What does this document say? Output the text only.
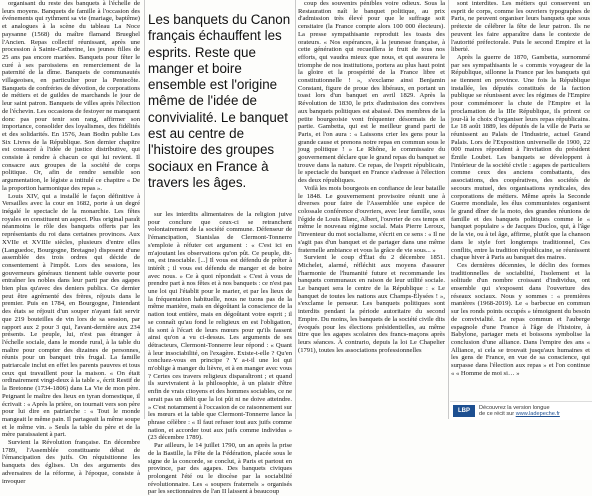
organisant du reste des banquets à l'échelle de leurs moyens. Banquets de famille à l'occasion des événements qui rythment sa vie (mariage, baptême) et analogues à la scène du tableau La Noce paysanne (1568) du maître flamand Brueghel l'Ancien. Repas collectif réunissant, après une procession à Sainte-Catherine, les jeunes filles de 25 ans pas encore mariées. Banquets pour fêter le curé à ses paroissiens en remerciement de la paternité de la dîme. Banquets de communautés villageoises, en particulier pour la Pentecôte. Banquets de confréries de dévotion, de corporations de métiers et de guildes de marchands le jour de leur saint patron. Banquets de villes après l'élection de l'échevin. Les occasions de festoyer ne manquent donc pas pour tenir son rang, affirmer son importance, consolider des loyalismes, des fidélités et des solidarités. En 1576, Jean Bodin publie Les Six Livres de la République. Son dernier chapitre est consacré à l'idée de justice distributive, qui consiste à rendre à chacun ce qui lui revient. Il consacre aux groupes de la société de corps politique. Or, afin de rendre sensible son argumentation, le légiste a intitulé ce chapitre « De la proportion harmonique des repas ».

Louis XIV, qui a installé le façon définitive à Versailles avec la cour en 1682, porte à un degré inégalé le spectacle de la monarchie. Les fêtes royales en constituent un aspect. Plus original paraît néanmoins le rôle des banquets offerts par les représentants du roi dans certaines provinces. Aux XVIIe et XVIIIe siècles, plusieurs d'entre elles (Languedoc, Bourgogne, Bretagne) disposent d'une assemblée des trois ordres qui décide de consentement à l'impôt. Lors des sessions, les gouverneurs généraux tiennent table ouverte pour entraîner les nobles dans leur parti par des agapes bien plus qu'avec des deniers publics. Ce dernier peut être agrémenté des frères, réjouis dans le premier. Puis en 1784, en Bourgogne, l'intendant des états se réjouit d'un souper n'ayant fait servir que 219 bouteilles de vin lors de sa session, par rapport aux 2 pour 3 qui, l'avant-dernière aux 234 présents. Le peuple, lui, n'est pas étranger à l'échelle sociale, dans le monde rural, à la table du maître pour compter des dizaines de personnes, réunis pour un banquet très frugal. La famille patriarcale inclut en effet les parents pauvres et tous ceux qui travaillent pour la maison. « On était ordinairement vingt-deux à la table », écrit Restif de la Bretonne (1734-1806) dans La Vie de mon père. Peignant le maître des lieux en tyran domestique, il écrivait : « Après la prière, on tournait vers son père pour lui dire en patriarche : « Tout le monde mangeait le même pain. Il partageait la même soupe et le même vin. » Seuls la table du père et de la mère paraissaient à part.

Survient la Révolution française. En décembre 1789, l'Assemblée constituante débat de l'émancipation des juifs. On réquisitionne les banquets des églises. Un des arguments des adversaires de la réforme, à l'époque, consiste à invoquer

Les banquets du Canon français échauffent les esprits. Reste que manger et boire ensemble est l'origine même de l'idée de convivialité. Le banquet est au centre de l'histoire des groupes sociaux en France à travers les âges.

sur les interdits alimentaires de la religion juive pour conclure que ceux-ci se retranchent volontairement de la société commune. Défenseur de l'émancipation, Stanislas de Clermont-Tonnerre s'emploie à réfuter cet argument : « C'est ici en m'ajoutant les observations qu'on pût. Ce peuple, dit-on, est insociable. [...] Il vous est défendu de prêter à intérêt ; il vous est défendu de manger et de boire avec nous. » Ce à quoi répondait « C'est à vous de prendre part à nos fêtes et à nos banquets : ce n'est pas une loi qui l'établit pour le marier, et par les lieux de la fréquentation habituelle, nous ne tuons pas de la même manière, mais en dégoûtant la conscience de la nation tout entière, mais en dégoûtant votre esprit ; il se connaît qu'au fond le religieux en est l'obligation, ils sont à l'écart de leurs mœurs pour qu'ils fassent ainsi qu'on a vu ci-dessus. Les arguments de ses détracteurs, Clermont-Tonnerre leur répond : « Quant à leur insociabilité, on l'exagère. Existe-t-elle ? Qu'en concluez-vous en principe ? Y a-t-il une loi qui m'oblige à manger du lièvre, et à en manger avec vous ? Certes ces travers religieux disparaîtront ; et quand ils survivraient à la philosophie, à un plaisir d'être enfin de vrais citoyens et des hommes sociables, ce ne serait pas un délit que la loi pût ni ne doive atteindre. » C'est notamment à l'occasion de ce raisonnement sur les mœurs et la table que Clermont-Tonnerre lance la phrase célèbre : « Il faut refuser tout aux juifs comme nation, et accorder tout aux juifs comme individus » (23 décembre 1789).

Par ailleurs, le 14 juillet 1790, un an après la prise de la Bastille, la Fête de la Fédération, placée sous le signe de la concorde, se conclut, à Paris et partout en province, par des agapes. Des banquets civiques prolongent l'été ou le diocèse par la sociabilité révolutionnaire. Les « soupers fraternels » organisés par les sectionnaires de l'an II laissent à beaucoup

coup des souvenirs pénibles voire odieux. Sous la Restauration naît le banquet politique, au prix d'admission très élevé pour que le suffrage soit censitaire (la France compte alors 100 000 électeurs). La presse sympathisante reproduit les toasts des orateurs. « Nos espérances, à la jeunesse française, à cette génération qui recueillera le fruit de tous nos efforts, qui vaudra mieux que nous, et qui assurera le triomphe de nos institutions, portera au plus haut point la gloire et la prospérité de la France libre et constitutionnelle ! », s'exclame ainsi Benjamin Constant, figure de proue des libéraux, en portant un toast lors d'un banquet en avril 1829. Après la Révolution de 1830, le prix d'admission des convives aux banquets politiques est abaissé. Des membres de la petite bourgeoisie vont fréquenter désormais de la partie. Gambetta, qui est le meilleur grand parti de Paris, et l'on aura : « Laissons crier les gens pour la grande cause et prenons notre repas en commun sous le joug politique ! » Le Rhône, le commissaire du gouvernement déclare que le grand repas du banquet se trouve dans la nature. Ce repas, de l'esprit républicain, le spectacle du banquet en France s'adresse à l'élection des deux républiques.

Voilà les mois bourgeois en confiance de leur bataille le 1848. Le gouvernement provisoire réunit une à diverses pour faire de l'Assemblée une espèce de colossale conférence d'ouvriers, avec leur famille, sous l'égide de Louis Blanc, Albert, l'ouvrier de ces temps et même le nouveau régime social. Mais Pierre Leroux, l'inventeur du mot socialisme, s'écrit en ce sens : « Il ne s'agit pas d'un banquet et de partager dans une même fraternelle ambiance et vous la grâce de vie sous... »

Survient le coup d'État du 2 décembre 1851. Michelet, alarmé, réfléchit aux moyens d'assurer l'harmonie de l'humanité future et recommande les banquets communaux en raison de leur utilité sociale. Le banquet sera le centre de la République : « Le banquet de toutes les nations aux Champs-Élysées ! », s'exclame le penseur. Les banquets politiques sont interdits pendant la période autoritaire du second Empire. Du moins, les banquets de la société civile dits évoqués pour les élections présidentielles, au même titre que les agapes scolaires des francs-maçons après leurs séances. À contrario, depuis la loi Le Chapelier (1791), toutes les associations professionnelles

sont interdites. Les métiers qui conservent un esprit de corps, comme les ouvriers typographes de Paris, ne peuvent organiser leurs banquets que sous prétexte de célébrer la fête de leur patron. Ils ne peuvent les faire apparaître dans le contexte de l'autorité préfectorale. Puis le second Empire et la liberté.

Après la guerre de 1870, Gambetta, surnommé par ses sympathisants le « commis voyageur de la République, sillonne la France par les banquets qui se tiennent en province. Une fois la République installée, les députés constitués de la faction publique se réunissent avec les régimes de l'Empire pour commémorer la chute de l'Empire et la proclamation de la IIIe République, ils prirent ce jour-là le choix d'organiser leurs repas républicains. Le 18 août 1889, les députés de la ville de Paris se réunissent au Palais de l'Industrie, actuel Grand Palais. Lors de l'Exposition universelle de 1900, 22 000 maires répondent à l'invitation du président Émile Loubet. Les banquets se développent à l'intérieur de la société civile : agapes de particuliers comme ceux des anciens combattants, des associations, des coopératives, des sociétés de secours mutuel, des organisations syndicales, des corporations de métiers. Même après la Seconde Guerre mondiale, les élus communistes organisent le grand dîner de la moto, des grandes réunions de famille et des banquets politiques comme le « banquet populaire » de Jacques Duclos, qui, à l'âge de la vie, ou à tel âge, affirme, plutôt que la chanson dans le style fort longtemps traditionnel, Ces conflits, entre la tradition républicaine, se réunissent chaque hiver à Paris au banquet des maires.

Ces dernières décennies, le déclin des formes traditionnelles de sociabilité, l'isolement et la solitude d'un nombre croissant d'individus, ont ensemble qui s'exposent dans l'ouverture des réseaux sociaux. Nous y sommes : « premières manières (1968-2019). Le « barbecue en commun sur les ronds points occupés » témoignent du besoin de convivialité. Le repas commun et l'auberge espagnole d'une France à l'âge de l'histoire, à Babylone, partager mets et boissons symbolise la conclusion d'une alliance. Dans l'empire des ans « Alliance, si cela se trouvait jusqu'aux humaines et les gens de France, en vue de sa conscience, qui surpasse dans l'élection aux repas » et l'on continue « « Homme de moi si… »

LBP
Découvrez la version longue
de ce récit sur www.ladepeche.fr
